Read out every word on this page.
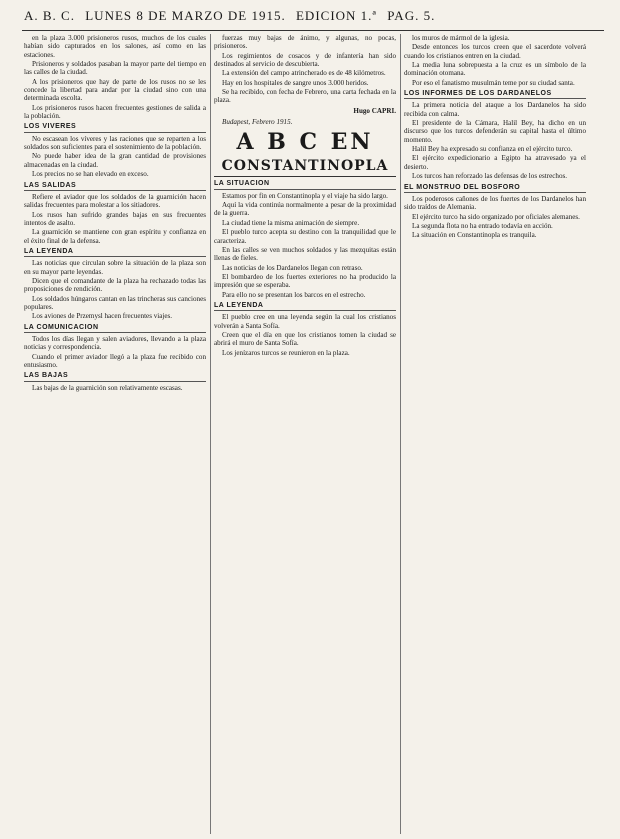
A. B. C. LUNES 8 DE MARZO DE 1915. EDICION 1.ª PAG. 5.

en la plaza 3.000 prisioneros rusos, muchos de los cuales habían sido capturados en los salones, así como en las estaciones.

Prisioneros y soldados pasaban la mayor parte del tiempo en las calles de la ciudad.

A los prisioneros que hay de parte de los rusos no se les concede la libertad para andar por la ciudad sino con una determinada escolta.

Los prisioneros rusos hacen frecuentes gestiones de salida a la población.

LOS VIVERES

No escasean los víveres y las raciones que se reparten a los soldados son suficientes para el sostenimiento de la población.

No puede haber idea de la gran cantidad de provisiones almacenadas en la ciudad.

Los precios no se han elevado en exceso.

LAS SALIDAS

Refiere el aviador que los soldados de la guarnición hacen salidas frecuentes para molestar a los sitiadores.

Los rusos han sufrido grandes bajas en sus frecuentes intentos de asalto.

La guarnición se mantiene con gran espíritu y confianza en el éxito final de la defensa.

LA LEYENDA

Las noticias que circulan sobre la situación de la plaza son en su mayor parte leyendas.

Dicen que el comandante de la plaza ha rechazado todas las proposiciones de rendición.

Los soldados húngaros cantan en las trincheras sus canciones populares.

Los aviones de Przemysl hacen frecuentes viajes.

LA COMUNICACION

Todos los días llegan y salen aviadores, llevando a la plaza noticias y correspondencia.

Cuando el primer aviador llegó a la plaza fue recibido con entusiasmo.

LAS BAJAS

Las bajas de la guarnición son relativamente escasas.

fuerzas muy bajas de ánimo, y algunas, no pocas, prisioneros.

Los regimientos de cosacos y de infantería han sido destinados al servicio de descubierta.

La extensión del campo atrincherado es de 48 kilómetros.

Hay en los hospitales de sangre unos 3.000 heridos.

Se ha recibido, con fecha de Febrero, una carta fechada en la plaza.

Hugo CAPRI.
Budapest, Febrero 1915.
A B C EN
CONSTANTINOPLA
LA SITUACION

Estamos por fin en Constantinopla y el viaje ha sido largo.

Aquí la vida continúa normalmente a pesar de la proximidad de la guerra.

La ciudad tiene la misma animación de siempre.

El pueblo turco acepta su destino con la tranquilidad que le caracteriza.

En las calles se ven muchos soldados y las mezquitas están llenas de fieles.

Las noticias de los Dardanelos llegan con retraso.

El bombardeo de los fuertes exteriores no ha producido la impresión que se esperaba.

Para ello no se presentan los barcos en el estrecho.

LA LEYENDA

El pueblo cree en una leyenda según la cual los cristianos volverán a Santa Sofía.

Creen que el día en que los cristianos tomen la ciudad se abrirá el muro de Santa Sofía.

Los jenízaros turcos se reunieron en la plaza.

los muros de mármol de la iglesia.

Desde entonces los turcos creen que el sacerdote volverá cuando los cristianos entren en la ciudad.

La media luna sobrepuesta a la cruz es un símbolo de la dominación otomana.

Por eso el fanatismo musulmán teme por su ciudad santa.

LOS INFORMES DE LOS DARDANELOS

La primera noticia del ataque a los Dardanelos ha sido recibida con calma.

El presidente de la Cámara, Halil Bey, ha dicho en un discurso que los turcos defenderán su capital hasta el último momento.

Halil Bey ha expresado su confianza en el ejército turco.

El ejército expedicionario a Egipto ha atravesado ya el desierto.

Los turcos han reforzado las defensas de los estrechos.

EL MONSTRUO DEL BOSFORO

Los poderosos cañones de los fuertes de los Dardanelos han sido traídos de Alemania.

El ejército turco ha sido organizado por oficiales alemanes.

La segunda flota no ha entrado todavía en acción.

La situación en Constantinopla es tranquila.
